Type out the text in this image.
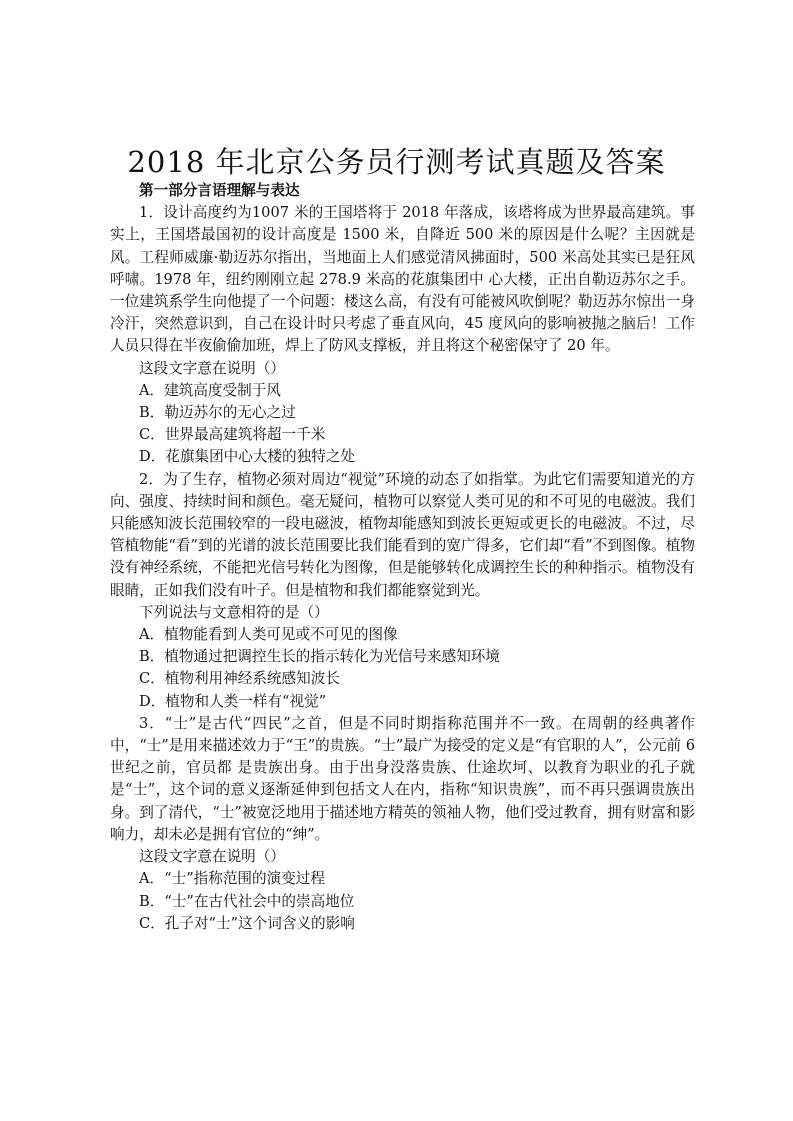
2018 年北京公务员行测考试真题及答案

第一部分言语理解与表达

1．设计高度约为1007 米的王国塔将于 2018 年落成，该塔将成为世界最高建筑。事实上，王国塔最国初的设计高度是 1500 米，自降近 500 米的原因是什么呢？主因就是风。工程师威廉·勒迈苏尔指出，当地面上人们感觉清风拂面时，500 米高处其实已是狂风呼啸。1978 年，纽约刚刚立起 278.9 米高的花旗集团中 心大楼，正出自勒迈苏尔之手。一位建筑系学生向他提了一个问题：楼这么高，有没有可能被风吹倒呢？勒迈苏尔惊出一身冷汗，突然意识到，自己在设计时只考虑了垂直风向，45 度风向的影响被抛之脑后！工作人员只得在半夜偷偷加班，焊上了防风支撑板，并且将这个秘密保守了 20 年。

这段文字意在说明（）

A．建筑高度受制于风

B．勒迈苏尔的无心之过

C．世界最高建筑将超一千米

D．花旗集团中心大楼的独特之处

2．为了生存，植物必须对周边“视觉”环境的动态了如指掌。为此它们需要知道光的方向、强度、持续时间和颜色。毫无疑问，植物可以察觉人类可见的和不可见的电磁波。我们只能感知波长范围较窄的一段电磁波，植物却能感知到波长更短或更长的电磁波。不过，尽管植物能“看”到的光谱的波长范围要比我们能看到的宽广得多，它们却“看”不到图像。植物没有神经系统，不能把光信号转化为图像，但是能够转化成调控生长的种种指示。植物没有眼睛，正如我们没有叶子。但是植物和我们都能察觉到光。

下列说法与文意相符的是（）

A．植物能看到人类可见或不可见的图像

B．植物通过把调控生长的指示转化为光信号来感知环境

C．植物利用神经系统感知波长

D．植物和人类一样有“视觉”

3．“士”是古代“四民”之首，但是不同时期指称范围并不一致。在周朝的经典著作中，“士”是用来描述效力于“王”的贵族。“士”最广为接受的定义是“有官职的人”，公元前 6 世纪之前，官员都 是贵族出身。由于出身没落贵族、仕途坎坷、以教育为职业的孔子就是“士”，这个词的意义逐渐延伸到包括文人在内，指称“知识贵族”，而不再只强调贵族出身。到了清代，“士”被宽泛地用于描述地方精英的领袖人物，他们受过教育，拥有财富和影响力，却未必是拥有官位的“绅”。

这段文字意在说明（）

A．“士”指称范围的演变过程

B．“士”在古代社会中的崇高地位

C．孔子对“士”这个词含义的影响
